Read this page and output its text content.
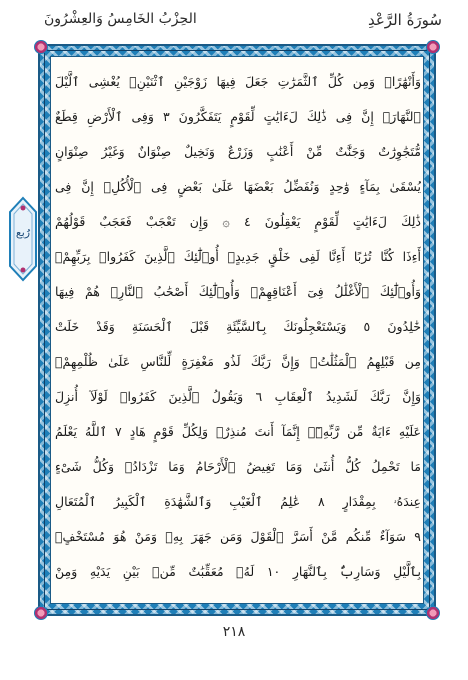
سُورَةُ الرَّعْدِ
الحِزْبُ الخَامِسُ وَالعِشْرُونَ
رُبع
وَأَنْهَٰرًاۖ وَمِن كُلِّ ٱلثَّمَرَٰتِ جَعَلَ فِيهَا زَوْجَيْنِ ٱثْنَيْنِۖ يُغْشِى ٱلَّيْلَ
ٱلنَّهَارَۚ إِنَّ فِى ذَٰلِكَ لَءَايَٰتٍ لِّقَوْمٍ يَتَفَكَّرُونَ ٣ وَفِى ٱلْأَرْضِ قِطَعٌ
مُّتَجَٰوِرَٰتٌ وَجَنَّٰتٌ مِّنْ أَعْنَٰبٍ وَزَرْعٌ وَنَخِيلٌ صِنْوَانٌ وَغَيْرُ صِنْوَانٍ
يُسْقَىٰ بِمَآءٍ وَٰحِدٍ وَنُفَضِّلُ بَعْضَهَا عَلَىٰ بَعْضٍ فِى ٱلْأُكُلِۚ إِنَّ فِى
ذَٰلِكَ لَءَايَٰتٍ لِّقَوْمٍ يَعْقِلُونَ ٤ ۞ وَإِن تَعْجَبْ فَعَجَبٌ قَوْلُهُمْ
أَءِذَا كُنَّا تُرَٰبًا أَءِنَّا لَفِى خَلْقٍ جَدِيدٍۗ أُو۟لَٰٓئِكَ ٱلَّذِينَ كَفَرُوا۟ بِرَبِّهِمْۖ
وَأُو۟لَٰٓئِكَ ٱلْأَغْلَٰلُ فِىٓ أَعْنَاقِهِمْۖ وَأُو۟لَٰٓئِكَ أَصْحَٰبُ ٱلنَّارِۖ هُمْ فِيهَا
خَٰلِدُونَ ٥ وَيَسْتَعْجِلُونَكَ بِٱلسَّيِّئَةِ قَبْلَ ٱلْحَسَنَةِ وَقَدْ خَلَتْ
مِن قَبْلِهِمُ ٱلْمَثُلَٰتُۗ وَإِنَّ رَبَّكَ لَذُو مَغْفِرَةٍ لِّلنَّاسِ عَلَىٰ ظُلْمِهِمْۖ
وَإِنَّ رَبَّكَ لَشَدِيدُ ٱلْعِقَابِ ٦ وَيَقُولُ ٱلَّذِينَ كَفَرُوا۟ لَوْلَآ أُنزِلَ
عَلَيْهِ ءَايَةٌ مِّن رَّبِّهِۦٓۗ إِنَّمَآ أَنتَ مُنذِرٌۖ وَلِكُلِّ قَوْمٍ هَادٍ ٧ ٱللَّهُ يَعْلَمُ
مَا تَحْمِلُ كُلُّ أُنثَىٰ وَمَا تَغِيضُ ٱلْأَرْحَامُ وَمَا تَزْدَادُۖ وَكُلُّ شَىْءٍ
عِندَهُۥ بِمِقْدَارٍ ٨ عَٰلِمُ ٱلْغَيْبِ وَٱلشَّهَٰدَةِ ٱلْكَبِيرُ ٱلْمُتَعَالِ
٩ سَوَآءٌ مِّنكُم مَّنْ أَسَرَّ ٱلْقَوْلَ وَمَن جَهَرَ بِهِۦ وَمَنْ هُوَ مُسْتَخْفٍۭ
بِٱلَّيْلِ وَسَارِبٌۢ بِٱلنَّهَارِ ١٠ لَهُۥ مُعَقِّبَٰتٌ مِّنۢ بَيْنِ يَدَيْهِ وَمِنْ
٢١٨
